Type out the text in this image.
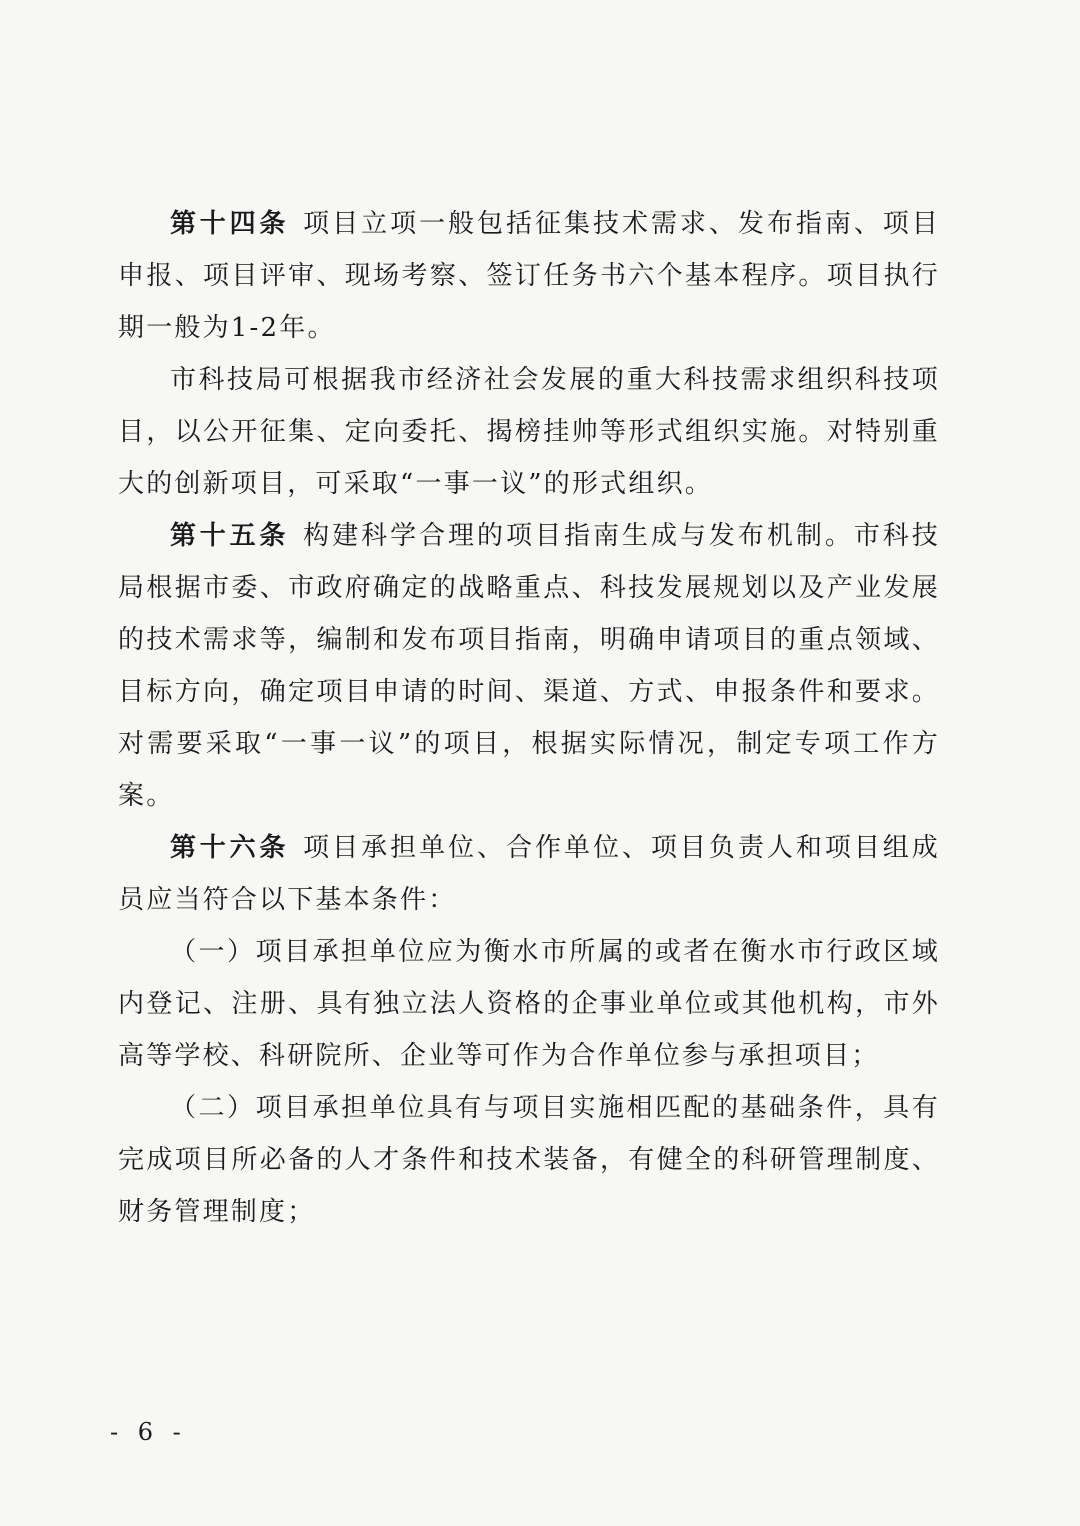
第十四条 项目立项一般包括征集技术需求、发布指南、项目申报、项目评审、现场考察、签订任务书六个基本程序。项目执行期一般为1-2年。

市科技局可根据我市经济社会发展的重大科技需求组织科技项目，以公开征集、定向委托、揭榜挂帅等形式组织实施。对特别重大的创新项目，可采取“一事一议”的形式组织。

第十五条 构建科学合理的项目指南生成与发布机制。市科技局根据市委、市政府确定的战略重点、科技发展规划以及产业发展的技术需求等，编制和发布项目指南，明确申请项目的重点领域、目标方向，确定项目申请的时间、渠道、方式、申报条件和要求。对需要采取“一事一议”的项目，根据实际情况，制定专项工作方案。

第十六条 项目承担单位、合作单位、项目负责人和项目组成员应当符合以下基本条件：

（一）项目承担单位应为衡水市所属的或者在衡水市行政区域内登记、注册、具有独立法人资格的企事业单位或其他机构，市外高等学校、科研院所、企业等可作为合作单位参与承担项目；

（二）项目承担单位具有与项目实施相匹配的基础条件，具有完成项目所必备的人才条件和技术装备，有健全的科研管理制度、财务管理制度；

- 6 -
